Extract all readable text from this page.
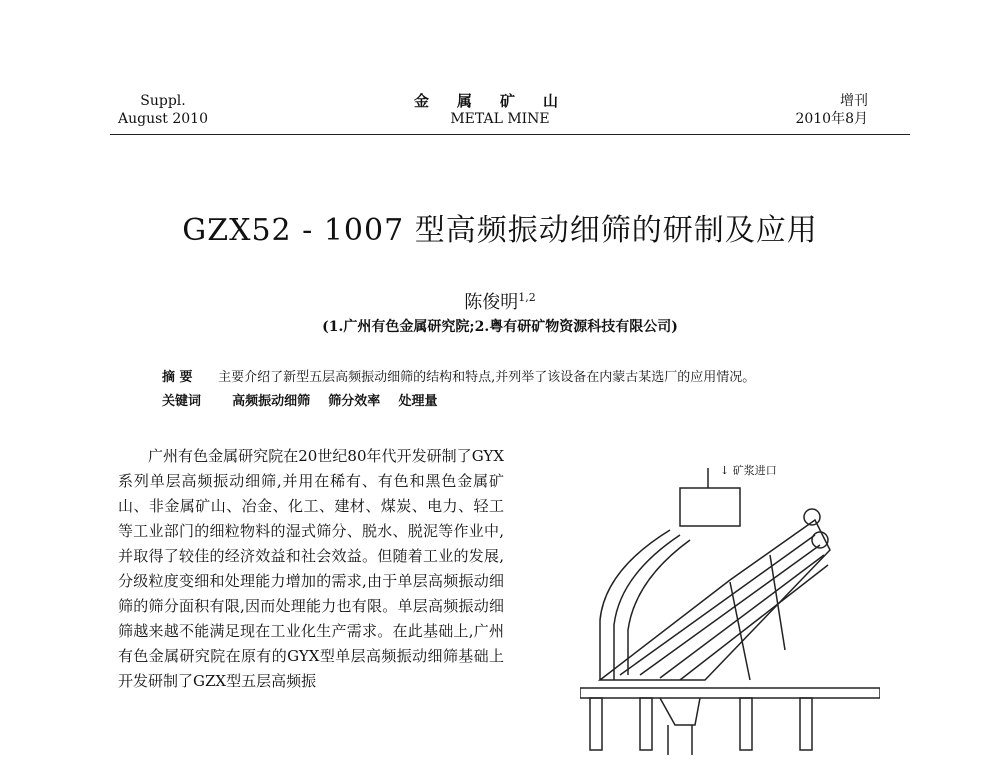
Suppl.
August 2010
金属矿山
METAL MINE
增刊
2010年8月
GZX52 - 1007 型高频振动细筛的研制及应用
陈俊明$^{1,2}$
(1.广州有色金属研究院;2.粤有研矿物资源科技有限公司)
摘 要 主要介绍了新型五层高频振动细筛的结构和特点,并列举了该设备在内蒙古某选厂的应用情况。
关键词 高频振动细筛 筛分效率 处理量

广州有色金属研究院在20世纪80年代开发研制了GYX系列单层高频振动细筛,并用在稀有、有色和黑色金属矿山、非金属矿山、冶金、化工、建材、煤炭、电力、轻工等工业部门的细粒物料的湿式筛分、脱水、脱泥等作业中,并取得了较佳的经济效益和社会效益。但随着工业的发展,分级粒度变细和处理能力增加的需求,由于单层高频振动细筛的筛分面积有限,因而处理能力也有限。单层高频振动细筛越来越不能满足现在工业化生产需求。在此基础上,广州有色金属研究院在原有的GYX型单层高频振动细筛基础上开发研制了GZX型五层高频振

↓ 矿浆进口
